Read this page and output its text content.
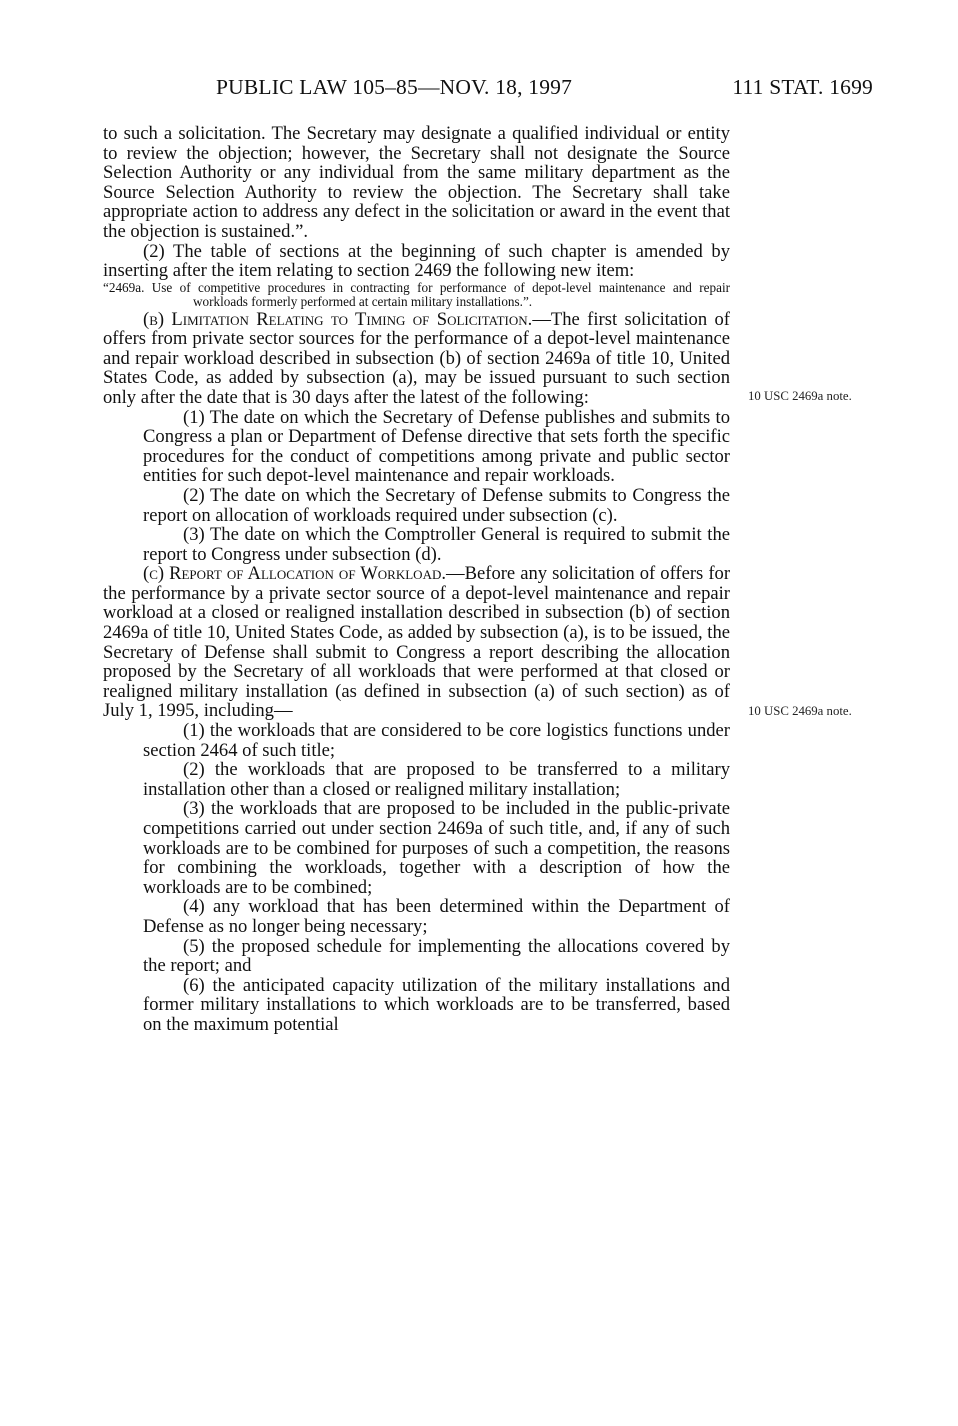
PUBLIC LAW 105–85—NOV. 18, 1997	111 STAT. 1699

to such a solicitation. The Secretary may designate a qualified individual or entity to review the objection; however, the Secretary shall not designate the Source Selection Authority or any individual from the same military department as the Source Selection Authority to review the objection. The Secretary shall take appropriate action to address any defect in the solicitation or award in the event that the objection is sustained.”.

(2) The table of sections at the beginning of such chapter is amended by inserting after the item relating to section 2469 the following new item:

“2469a. Use of competitive procedures in contracting for performance of depot-level maintenance and repair workloads formerly performed at certain military installations.”.

(b) Limitation Relating to Timing of Solicitation.—The first solicitation of offers from private sector sources for the performance of a depot-level maintenance and repair workload described in subsection (b) of section 2469a of title 10, United States Code, as added by subsection (a), may be issued pursuant to such section only after the date that is 30 days after the latest of the following:

(1) The date on which the Secretary of Defense publishes and submits to Congress a plan or Department of Defense directive that sets forth the specific procedures for the conduct of competitions among private and public sector entities for such depot-level maintenance and repair workloads.

(2) The date on which the Secretary of Defense submits to Congress the report on allocation of workloads required under subsection (c).

(3) The date on which the Comptroller General is required to submit the report to Congress under subsection (d).

(c) Report of Allocation of Workload.—Before any solicitation of offers for the performance by a private sector source of a depot-level maintenance and repair workload at a closed or realigned installation described in subsection (b) of section 2469a of title 10, United States Code, as added by subsection (a), is to be issued, the Secretary of Defense shall submit to Congress a report describing the allocation proposed by the Secretary of all workloads that were performed at that closed or realigned military installation (as defined in subsection (a) of such section) as of July 1, 1995, including—

(1) the workloads that are considered to be core logistics functions under section 2464 of such title;

(2) the workloads that are proposed to be transferred to a military installation other than a closed or realigned military installation;

(3) the workloads that are proposed to be included in the public-private competitions carried out under section 2469a of such title, and, if any of such workloads are to be combined for purposes of such a competition, the reasons for combining the workloads, together with a description of how the workloads are to be combined;

(4) any workload that has been determined within the Department of Defense as no longer being necessary;

(5) the proposed schedule for implementing the allocations covered by the report; and

(6) the anticipated capacity utilization of the military installations and former military installations to which workloads are to be transferred, based on the maximum potential

10 USC 2469a note.
10 USC 2469a note.
